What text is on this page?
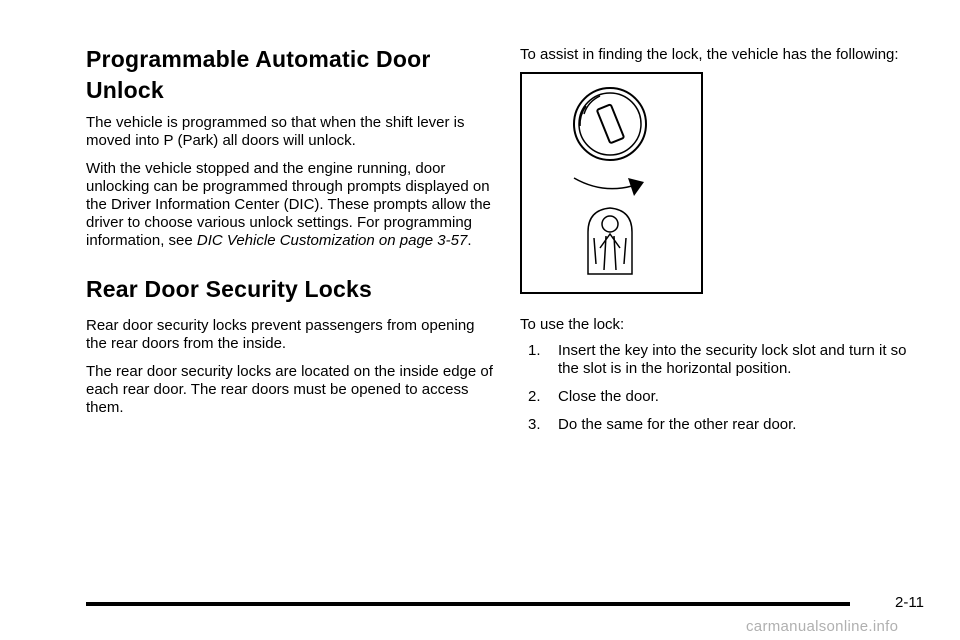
Programmable Automatic Door
Unlock

The vehicle is programmed so that when the shift lever is moved into P (Park) all doors will unlock.

With the vehicle stopped and the engine running, door unlocking can be programmed through prompts displayed on the Driver Information Center (DIC). These prompts allow the driver to choose various unlock settings. For programming information, see DIC Vehicle Customization on page 3-57.

Rear Door Security Locks

Rear door security locks prevent passengers from opening the rear doors from the inside.

The rear door security locks are located on the inside edge of each rear door. The rear doors must be opened to access them.

To assist in finding the lock, the vehicle has the following:

To use the lock:

1. Insert the key into the security lock slot and turn it so the slot is in the horizontal position.
2. Close the door.
3. Do the same for the other rear door.
2-11
carmanualsonline.info
